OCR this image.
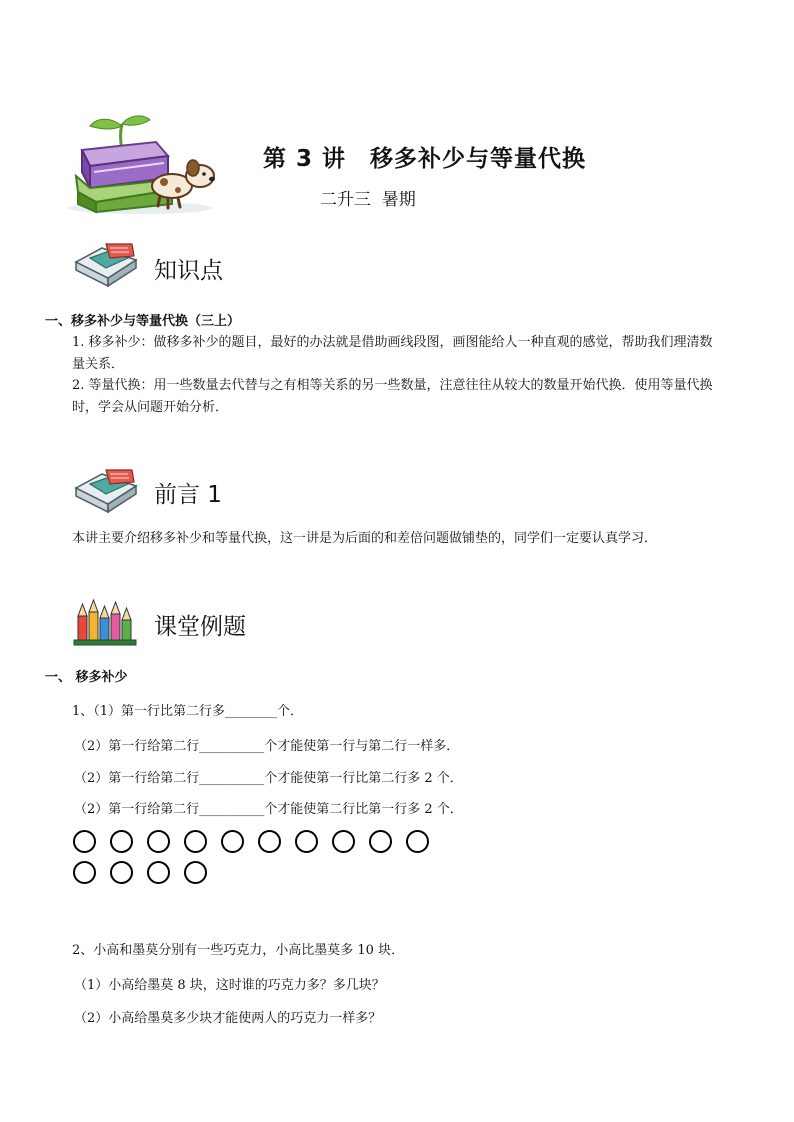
第 3 讲　移多补少与等量代换
二升三  暑期
知识点
一、移多补少与等量代换（三上）
1. 移多补少：做移多补少的题目，最好的办法就是借助画线段图，画图能给人一种直观的感觉，帮助我们理清数量关系．
2. 等量代换：用一些数量去代替与之有相等关系的另一些数量，注意往往从较大的数量开始代换．使用等量代换时，学会从问题开始分析．
前言 1
本讲主要介绍移多补少和等量代换，这一讲是为后面的和差倍问题做铺垫的，同学们一定要认真学习．
课堂例题
一、 移多补少
1、（1）第一行比第二行多________个．
（2）第一行给第二行__________个才能使第一行与第二行一样多．
（2）第一行给第二行__________个才能使第一行比第二行多 2 个．
（2）第一行给第二行__________个才能使第二行比第一行多 2 个．
2、小高和墨莫分别有一些巧克力，小高比墨莫多 10 块．
（1）小高给墨莫 8 块，这时谁的巧克力多？多几块？
（2）小高给墨莫多少块才能使两人的巧克力一样多？
